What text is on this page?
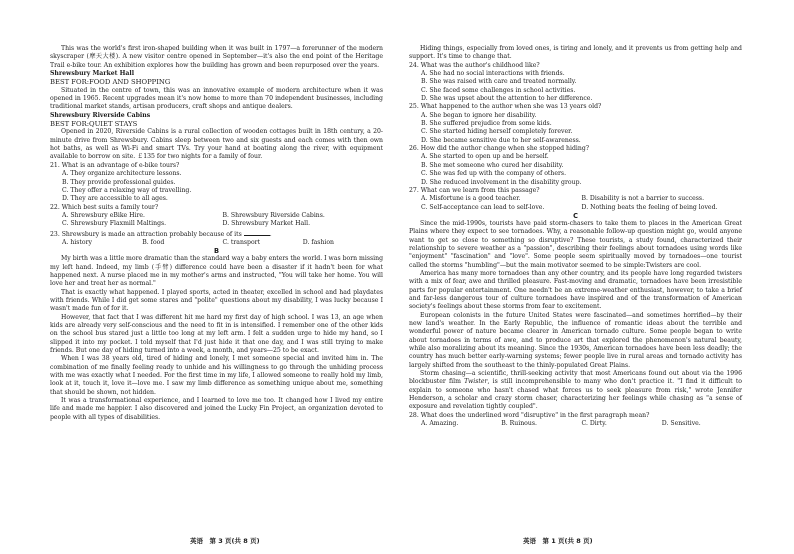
This was the world's first iron-shaped building when it was built in 1797—a forerunner of the modern skyscraper (摩天大楼). A new visitor centre opened in September—it's also the end point of the Heritage Trail e-bike tour. An exhibition explores how the building has grown and been repurposed over the years.

Shrewsbury Market Hall

BEST FOR:FOOD AND SHOPPING

Situated in the centre of town, this was an innovative example of modern architecture when it was opened in 1965. Recent upgrades mean it's now home to more than 70 independent businesses, including traditional market stands, artisan producers, craft shops and antique dealers.

Shrewsbury Riverside Cabins

BEST FOR:QUIET STAYS

Opened in 2020, Riverside Cabins is a rural collection of wooden cottages built in 18th century, a 20-minute drive from Shrewsbury. Cabins sleep between two and six guests and each comes with then own hot baths, as well as Wi-Fi and smart TVs. Try your hand at boating along the river, with equipment available to borrow on site. ￡135 for two nights for a family of four.

21. What is an advantage of e-bike tours?

A. They organize architecture lessons.

B. They provide professional guides.

C. They offer a relaxing way of travelling.

D. They are accessible to all ages.

22. Which best suits a family tour?

A. Shrewsbury eBike Hire.	B. Shrewsbury Riverside Cabins.

C. Shrewsbury Flaxmill Maltings.	D. Shrewsbury Market Hall.

23. Shrewsbury is made an attraction probably because of its	.

A. history	B. food	C. transport	D. fashion

B

My birth was a little more dramatic than the standard way a baby enters the world. I was born missing my left hand. Indeed, my limb (手臂) difference could have been a disaster if it hadn't been for what happened next. A nurse placed me in my mother's arms and instructed, "You will take her home. You will love her and treat her as normal."

That is exactly what happened. I played sports, acted in theater, excelled in school and had playdates with friends. While I did get some stares and "polite" questions about my disability, I was lucky because I wasn't made fun of for it.

However, that fact that I was different hit me hard my first day of high school. I was 13, an age when kids are already very self-conscious and the need to fit in is intensified. I remember one of the other kids on the school bus stared just a little too long at my left arm. I felt a sudden urge to hide my hand, so I slipped it into my pocket. I told myself that I'd just hide it that one day, and I was still trying to make friends. But one day of hiding turned into a week, a month, and years—25 to be exact.

When I was 38 years old, tired of hiding and lonely, I met someone special and invited him in. The combination of me finally feeling ready to unhide and his willingness to go through the unhiding process with me was exactly what I needed. For the first time in my life, I allowed someone to really hold my limb, look at it, touch it, love it—love me. I saw my limb difference as something unique about me, something that should be shown, not hidden.

It was a transformational experience, and I learned to love me too. It changed how I lived my entire life and made me happier. I also discovered and joined the Lucky Fin Project, an organization devoted to people with all types of disabilities.

Hiding things, especially from loved ones, is tiring and lonely, and it prevents us from getting help and support. It's time to change that.

24. What was the author's childhood like?

A. She had no social interactions with friends.

B. She was raised with care and treated normally.

C. She faced some challenges in school activities.

D. She was upset about the attention to her difference.

25. What happened to the author when she was 13 years old?

A. She began to ignore her disability.

B. She suffered prejudice from some kids.

C. She started hiding herself completely forever.

D. She became sensitive due to her self-awareness.

26. How did the author change when she stopped hiding?

A. She started to open up and be herself.

B. She met someone who cured her disability.

C. She was fed up with the company of others.

D. She reduced involvement in the disability group.

27. What can we learn from this passage?

A. Misfortune is a good teacher.	B. Disability is not a barrier to success.

C. Self-acceptance can lead to self-love.	D. Nothing beats the feeling of being loved.

C

Since the mid-1990s, tourists have paid storm-chasers to take them to places in the American Great Plains where they expect to see tornadoes. Why, a reasonable follow-up question might go, would anyone want to get so close to something so disruptive? These tourists, a study found, characterized their relationship to severe weather as a "passion", describing their feelings about tornadoes using words like "enjoyment" "fascination" and "love". Some people seem spiritually moved by tornadoes—one tourist called the storms "humbling"—but the main motivator seemed to be simple:Twisters are cool.

America has many more tornadoes than any other country, and its people have long regarded twisters with a mix of fear, awe and thrilled pleasure. Fast-moving and dramatic, tornadoes have been irresistible parts for popular entertainment. One needn't be an extreme-weather enthusiast, however, to take a brief and far-less dangerous tour of culture tornadoes have inspired and of the transformation of American society's feelings about these storms from fear to excitement.

European colonists in the future United States were fascinated—and sometimes horrified—by their new land's weather. In the Early Republic, the influence of romantic ideas about the terrible and wonderful power of nature became clearer in American tornado culture. Some people began to write about tornadoes in terms of awe, and to produce art that explored the phenomenon's natural beauty, while also moralizing about its meaning. Since the 1930s, American tornadoes have been less deadly; the country has much better early-warning systems; fewer people live in rural areas and tornado activity has largely shifted from the southeast to the thinly-populated Great Plains.

Storm chasing—a scientific, thrill-seeking activity that most Americans found out about via the 1996 blockbuster film Twister, is still incomprehensible to many who don't practice it. "I find it difficult to explain to someone who hasn't chased what forces us to seek pleasure from risk," wrote Jennifer Henderson, a scholar and crazy storm chaser, characterizing her feelings while chasing as "a sense of exposure and revelation tightly coupled".

28. What does the underlined word "disruptive" in the first paragraph mean?

A. Amazing.	B. Ruinous.	C. Dirty.	D. Sensitive.

英语　第 3 页(共 8 页)	英语　第 1 页(共 8 页)
